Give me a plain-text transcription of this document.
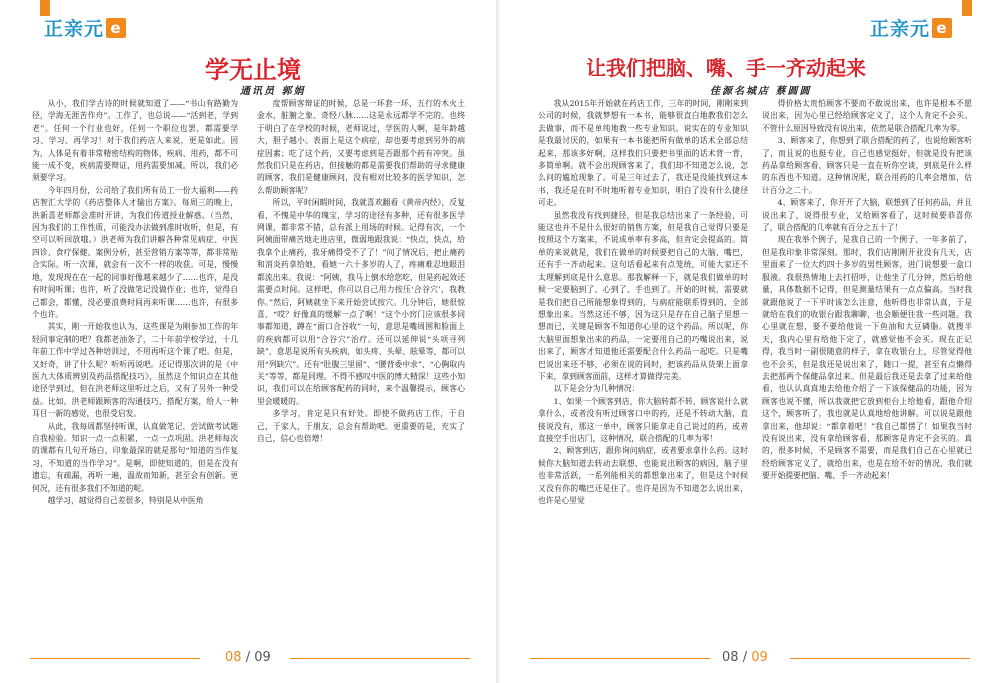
正亲元 e
学无止境
通讯员 郭娟

从小，我们学古诗的时候就知道了——“书山有路勤为径，学海无涯苦作舟”。工作了，也总说——“活到老，学到老”。任何一个行业也好，任何一个职位也罢，都需要学习、学习、再学习！对于我们药店人来说，更是如此。因为，人体是有着非常精密结构的物体，疾病、用药，都不可能一成不变，疾病需要辩证，用药需要加减。所以，我们必须要学习。

今年四月份，公司给了我们所有员工一份大福利——药店智汇大学的《药店整体人才输出方案》。每周三的晚上，洪新喜老师都会准时开讲，为我们传道授业解惑。（当然，因为我们的工作性质，可能没办法做到准时收听，但是，有空可以听回放哦。）洪老师为我们讲解各种常见病症、中医四诊、食疗保健、案例分析，甚至营销方案等等，都非常贴合实际。听一次课，就会有一次不一样的收获。可是，慢慢地，发现现在在一起的同事好像越来越少了……也许，是没有时间听课；也许，听了没做笔记没做作业；也许，觉得自己都会，都懂，没必要浪费时间再来听课……也许，有很多个也许。

其实，刚一开始我也认为，这些课是为刚参加工作的年轻同事定制的吧？我都老油条了，二十年前学校学过，十几年前工作中学过各种培训过，不用再听这个课了吧。但是，又好奇，讲了什么呢？听听再说吧。还记得那次讲的是《中医九大体质辨别及药品搭配技巧》，虽然这个知识点在其他途径学到过，但在洪老师这里听过之后，又有了另外一种受益。比如，洪老师跟顾客的沟通技巧，搭配方案，给人一种耳目一新的感觉，也很受启发。

从此，我每周都坚持听课，认真做笔记，尝试做考试题自我检验。知识一点一点积累，一点一点巩固。洪老师每次的课都有几句开场白，印象最深的就是那句“知道的当作复习，不知道的当作学习”。是啊，即使知道的，但是在没有遗忘，有疏漏，再听一遍，温故而知新，甚至会有创新。更何况，还有很多我们不知道的呢。

越学习，越觉得自己差很多，特别是从中医角

度帮顾客辩证的时候，总是一环套一环，五行的木火土金水，脏腑之象、奇经八脉……这是永远都学不完的。也终于明白了在学校的时候，老师说过，学医的人啊，是年龄越大，胆子越小。表面上是这个病症，却也要考虑到另外的病症因素；吃了这个药，又要考虑到是否跟那个药有冲突。虽然我们只是在药店，但接触的都是需要我们帮助的寻求健康的顾客，我们是健康顾问，没有相对比较多的医学知识，怎么帮助顾客呢？

所以，平时闲暇时间，我就喜欢翻看《黄帝内经》，反复看，不愧是中华的瑰宝，学习的途径有多种，还有很多医学网课，都非常不错，总有派上用场的时候。记得有次，一个阿姨面带痛苦地走进店里，微弱地跟我说：“快点，快点，给我拿个止痛药，我牙痛得受不了了！”问了情况后，把止痛药和消炎药拿给她，看她一六十多岁的人了，疼痛难忍地眼泪都流出来。我说：“阿姨，我马上倒水给您吃，但是药起效还需要点时间。这样吧，你可以自己用力按压‘合谷穴’，我教你。”然后，阿姨就坐下来开始尝试按穴。几分钟后，她很惊喜，“哎？好像真的缓解一点了啊！”这个小窍门应该很多同事都知道，蹲在“面口合谷收”一句，意思是嘴周围和脸面上的疾病都可以用“合谷穴”治疗。还可以延伸说“头项寻列缺”，意思是说所有头疾病，如头疼、头晕、眩晕等，都可以用“列缺穴”。还有“肚腹三里留”、“腰背委中求”、“心胸取内关”等等，都是同理。不得不感叹中医的博大精深！这些小知识，我们可以在给顾客配药的同时，来个温馨提示，顾客心里会暖暖的。

多学习，肯定是只有好处。即使不做药店工作，于自己，于家人，于朋友，总会有帮助吧。更重要的是，充实了自己，信心也倍增！

08 / 09
正亲元 e
让我们把脑、嘴、手一齐动起来
佳源名城店 蔡圆圆

我从2015年开始就在药店工作，三年的时间，刚刚来到公司的时候，我就梦想有一本书，能够很直白地教我们怎么去做事，而不是单纯地教一些专业知识。说实在的专业知识是我最讨厌的，如果有一本书能把所有做单的话术全部总结起来，那该多好啊，这样我们只要把书里面的话术背一背，多简单啊。就不会出现顾客来了，我们却不知道怎么说，怎么问的尴尬现象了。可是三年过去了，我还是没能找到这本书，我还是在时不时地听着专业知识，明白了没有什么捷径可走。

虽然我没有找到捷径，但是我总结出来了一条经验，可能这也并不是什么很好的销售方案，但是我自己觉得只要是按照这个方案来，不说成单率有多高，但肯定会提高的。简单的来说就是，我们在做单的时候要把自己的大脑、嘴巴，还有手一齐动起来。这句话看起来有点笼统，可能大家还不太理解到底是什么意思。那我解释一下，就是我们做单的时候一定要脑到了、心到了、手也到了。开始的时候，需要就是我们把自己所能想象得到的，与病症能联系得到的，全部想象出来。当然这还不够，因为这只是存在自己脑子里想一想而已，关键是顾客不知道你心里的这个药品。所以呢，你大脑里面想象出来的药品，一定要用自己的巧嘴说出来，说出来了，顾客才知道他还需要配合什么药品一起吃。只是嘴巴说出来还不够，必须在说的同时，把该药品从货架上面拿下来，拿到顾客面前，这样才算做得完美。

以下是会分为几种情况：

1、如果一个顾客到店，你大脑转都不转，顾客说什么就拿什么，或者没有听过顾客口中的药，还是不转动大脑，直接说没有，那这一单中，顾客只能拿走自己说过的药，或者直接空手出店门，这种情况，联合搭配的几率为零！

2、顾客到店，跟你询问病症，或者要求拿什么药。这时候你大脑知道去转动去联想，也能说出顾客的病因，脑子里也非常活跃，一系列能相关的都想象出来了，但是这个时候又没有你的嘴巴还是住了。也许是因为不知道怎么说出来，也许是心里觉

得价格太贵怕顾客不要而不敢说出来，也许是根本不愿说出来，因为心里已经给顾客定义了，这个人肯定不会买。不管什么原因导致没有说出来，依然是联合搭配几率为零。

3、顾客来了，你想到了联合搭配的药了，也说给顾客听了，而且说的也挺专业，自己也感觉挺好，但就是没有把该药品拿给顾客看，顾客只是一直在听你空谈，到底是什么样的东西也不知道。这种情况呢，联合用药的几率会增加，估计百分之二十。

4、顾客来了，你开开了大脑，联想到了任何药品，并且说出来了，说得很专业，又给顾客看了，这时候要恭喜你了，联合搭配的几率就有百分之五十了！

现在我举个例子，是我自己的一个例子，一年多前了，但是我印象非常深刻。那时，我们店刚刚开业没有几天，店里面来了一位大约四十多岁的男性顾客，进门说想要一盒口服液。我很热情地上去打招呼，让他坐了几分钟，然后给他量，具体数据不记得，但是测量结果有一点点偏高。当时我就跟他说了一下平时该怎么注意，他听得也非常认真，于是就给在我们的收银台跟我聊聊，也会顺便往我一些问题。我心里就在想，要不要给他说一下鱼油和大豆磷脂。就搜半天，我内心里有给他下定了，就感觉他不会买。现在正记得，我当时一副很随意的样子，拿在收银台上，尽管觉得他也不会买，但是我还是说出来了，随口一提，甚至有点懒得去把那两个保健品拿过来。但是最后我还是去拿了过来给他看，也认认真真地去给他介绍了一下该保健品的功能，因为顾客也说不懂，所以我就把它放到柜台上给他看，跟他介绍这个，顾客听了，我也就是认真地给他讲解。可以说是跟他拿出来，他却说：“都拿着吧！”我自己都愣了！如果我当时没有说出来，没有拿给顾客看，那顾客是肯定不会买的。真的，很多时候，不是顾客不需要，而是我们自己在心里就已经给顾客定义了，就给出来，也是在给不好的情况，我们就要开始提要把脑、嘴、手一齐动起来！

08 / 09
